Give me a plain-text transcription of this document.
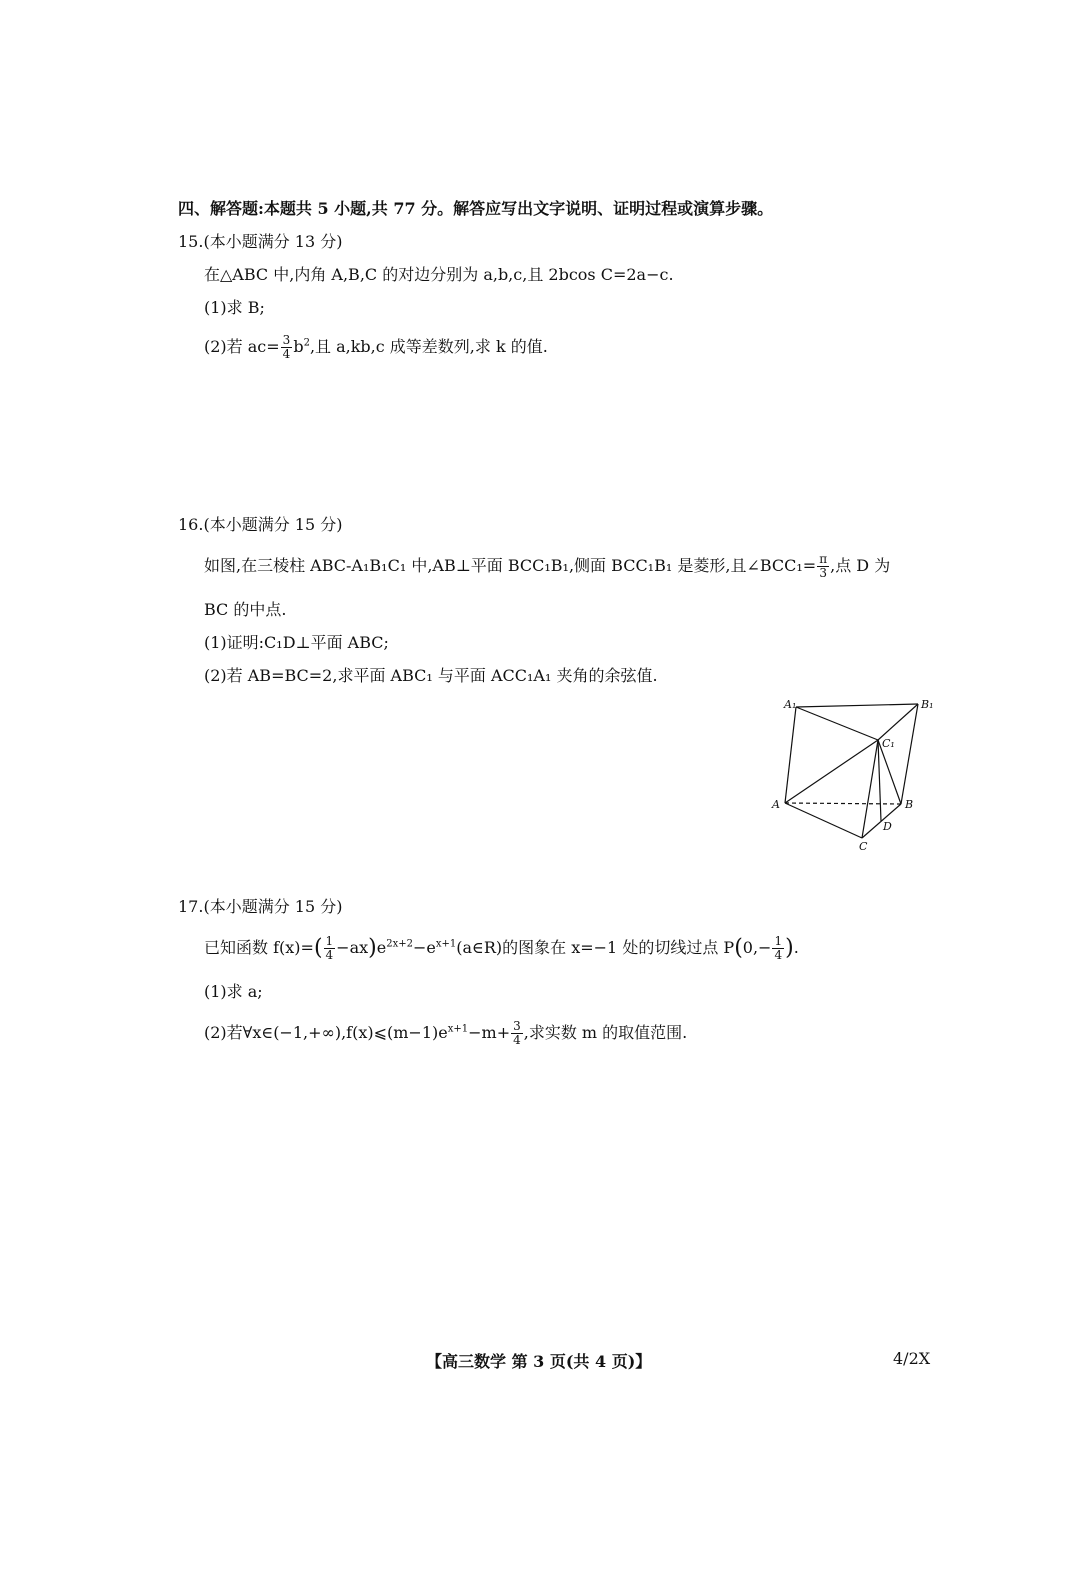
四、解答题:本题共 5 小题,共 77 分。解答应写出文字说明、证明过程或演算步骤。
15.(本小题满分 13 分)
在△ABC 中,内角 A,B,C 的对边分别为 a,b,c,且 2bcos C=2a−c.
(1)求 B;
(2)若 $ac= \frac{3}{4} b^2$,且 a,kb,c 成等差数列,求 k 的值.
16.(本小题满分 15 分)
如图,在三棱柱 ABC-A₁B₁C₁ 中,AB⊥平面 BCC₁B₁,侧面 BCC₁B₁ 是菱形,且∠BCC₁= $\frac{\pi}{3}$ ,点 D 为
BC 的中点.
(1)证明:C₁D⊥平面 ABC;
(2)若 AB=BC=2,求平面 ABC₁ 与平面 ACC₁A₁ 夹角的余弦值.
A₁	B₁
C₁
A	B
C
D
17.(本小题满分 15 分)
已知函数 $f(x)=( \frac{1}{4}$ $-ax)e^{2x+2}-e^{x+1}(a\in R)$的图象在 x=−1 处的切线过点 $P(0,- \frac{1}{4}$ ).
(1)求 a;
(2)若$\forall x\in(-1,+\infty),f(x)⩽(m-1)e^{x+1}-m+ \frac{3}{4}$ ,求实数 m 的取值范围.
【高三数学 第 3 页(共 4 页)】	4/2X
